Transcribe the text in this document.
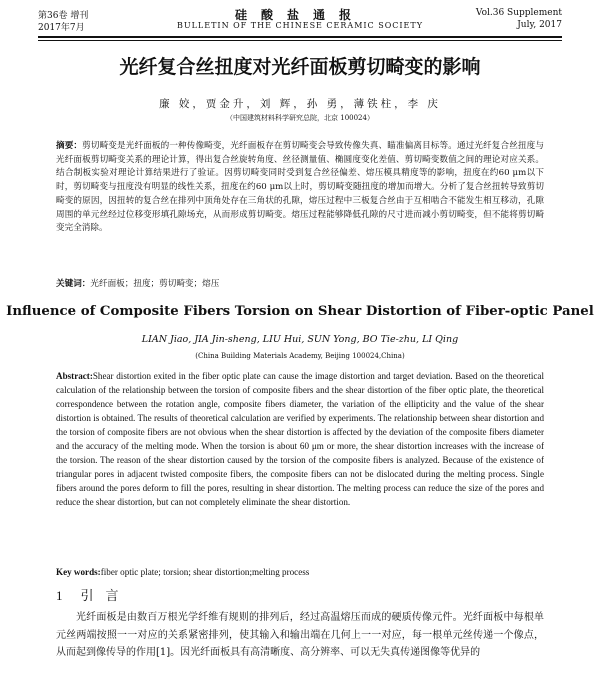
第36卷 增刊
2017年7月
硅酸盐通报
BULLETIN OF THE CHINESE CERAMIC SOCIETY
Vol.36 Supplement
July, 2017
光纤复合丝扭度对光纤面板剪切畸变的影响
廉 姣，贾金升，刘 辉，孙 勇，薄铁柱，李 庆
（中国建筑材料科学研究总院，北京 100024）
摘要：剪切畸变是光纤面板的一种传像畸变，光纤面板存在剪切畸变会导致传像失真、瞄准偏离目标等。通过光纤复合丝扭度与光纤面板剪切畸变关系的理论计算，得出复合丝旋转角度、丝径测量值、椭圆度变化差值、剪切畸变数值之间的理论对应关系。结合制板实验对理论计算结果进行了验证。因剪切畸变同时受到复合丝径偏差、熔压模具精度等的影响，扭度在约60 μm以下时，剪切畸变与扭度没有明显的线性关系，扭度在约60 μm以上时，剪切畸变随扭度的增加而增大。分析了复合丝扭转导致剪切畸变的原因，因扭转的复合丝在排列中顶角处存在三角状的孔隙，熔压过程中三板复合丝由于互相啮合不能发生相互移动，孔隙周围的单元丝经过位移变形填孔隙场充，从而形成剪切畸变。熔压过程能够降低孔隙的尺寸进而减小剪切畸变，但不能将剪切畸变完全消除。
关键词：光纤面板；扭度；剪切畸变；熔压
Influence of Composite Fibers Torsion on Shear Distortion of Fiber-optic Panel
LIAN Jiao, JIA Jin-sheng, LIU Hui, SUN Yong, BO Tie-zhu, LI Qing
(China Building Materials Academy, Beijing 100024,China)
Abstract:Shear distortion exited in the fiber optic plate can cause the image distortion and target deviation. Based on the theoretical calculation of the relationship between the torsion of composite fibers and the shear distortion of the fiber optic plate, the theoretical correspondence between the rotation angle, composite fibers diameter, the variation of the ellipticity and the value of the shear distortion is obtained. The results of theoretical calculation are verified by experiments. The relationship between shear distortion and the torsion of composite fibers are not obvious when the shear distortion is affected by the deviation of the composite fibers diameter and the accuracy of the melting mode. When the torsion is about 60 μm or more, the shear distortion increases with the increase of the torsion. The reason of the shear distortion caused by the torsion of the composite fibers is analyzed. Because of the existence of triangular pores in adjacent twisted composite fibers, the composite fibers can not be dislocated during the melting process. Single fibers around the pores deform to fill the pores, resulting in shear distortion. The melting process can reduce the size of the pores and reduce the shear distortion, but can not completely eliminate the shear distortion.
Key words:fiber optic plate; torsion; shear distortion;melting process
1 引言
光纤面板是由数百万根光学纤维有规则的排列后，经过高温熔压而成的硬质传像元件。光纤面板中每根单元丝两端按照一一对应的关系紧密排列，使其输入和输出端在几何上一一对应，每一根单元丝传递一个像点，从而起到像传导的作用[1]。因光纤面板具有高清晰度、高分辨率、可以无失真传递图像等优异的
